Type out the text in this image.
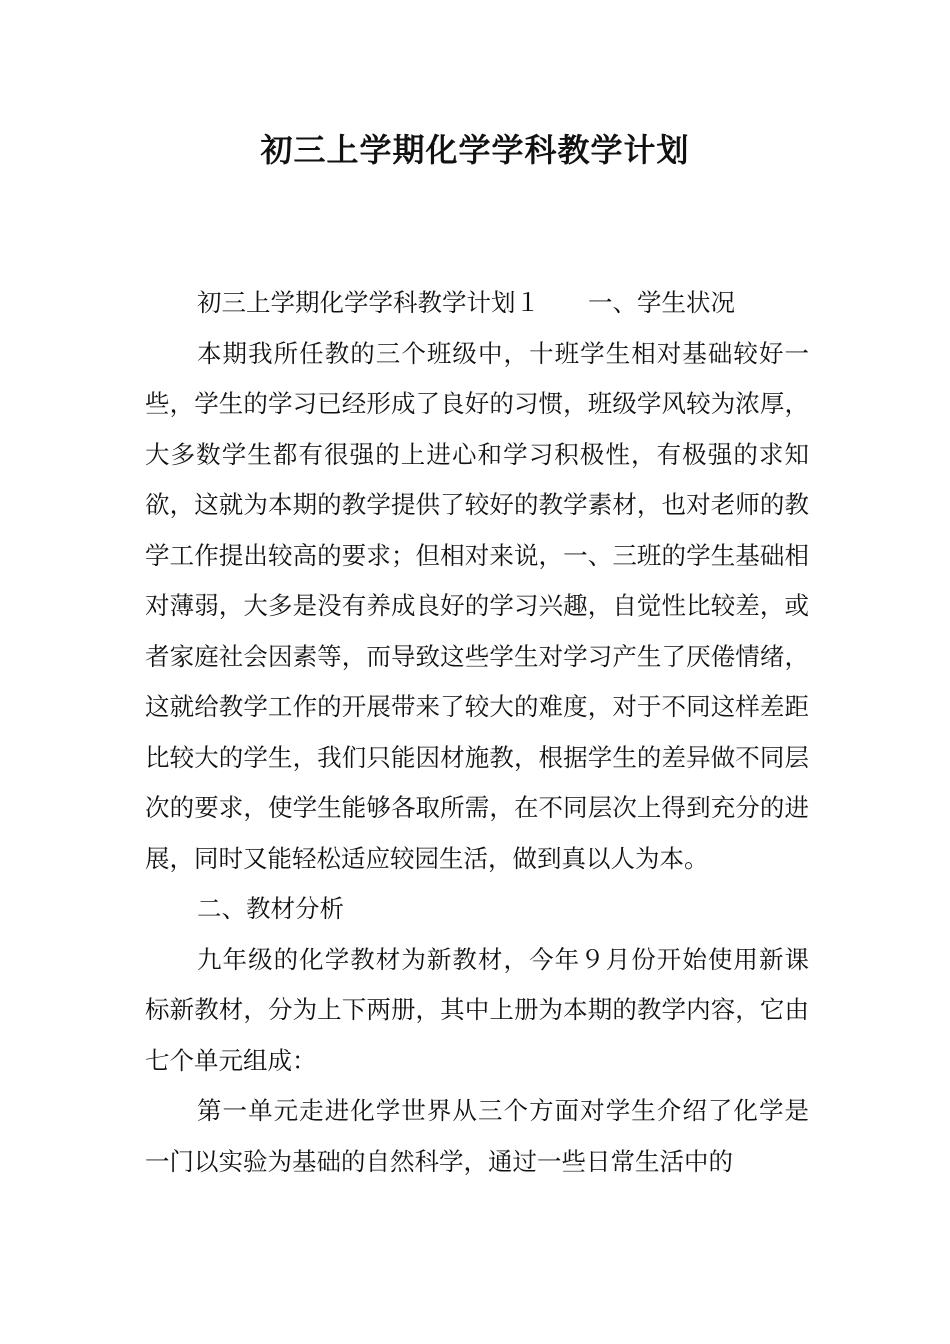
初三上学期化学学科教学计划

初三上学期化学学科教学计划１ 一、学生状况

本期我所任教的三个班级中，十班学生相对基础较好一些，学生的学习已经形成了良好的习惯，班级学风较为浓厚，大多数学生都有很强的上进心和学习积极性，有极强的求知欲，这就为本期的教学提供了较好的教学素材，也对老师的教学工作提出较高的要求；但相对来说，一、三班的学生基础相对薄弱，大多是没有养成良好的学习兴趣，自觉性比较差，或者家庭社会因素等，而导致这些学生对学习产生了厌倦情绪，这就给教学工作的开展带来了较大的难度，对于不同这样差距比较大的学生，我们只能因材施教，根据学生的差异做不同层次的要求，使学生能够各取所需，在不同层次上得到充分的进展，同时又能轻松适应较园生活，做到真以人为本。

二、教材分析

九年级的化学教材为新教材，今年９月份开始使用新课标新教材，分为上下两册，其中上册为本期的教学内容，它由七个单元组成：

第一单元走进化学世界从三个方面对学生介绍了化学是一门以实验为基础的自然科学，通过一些日常生活中的
